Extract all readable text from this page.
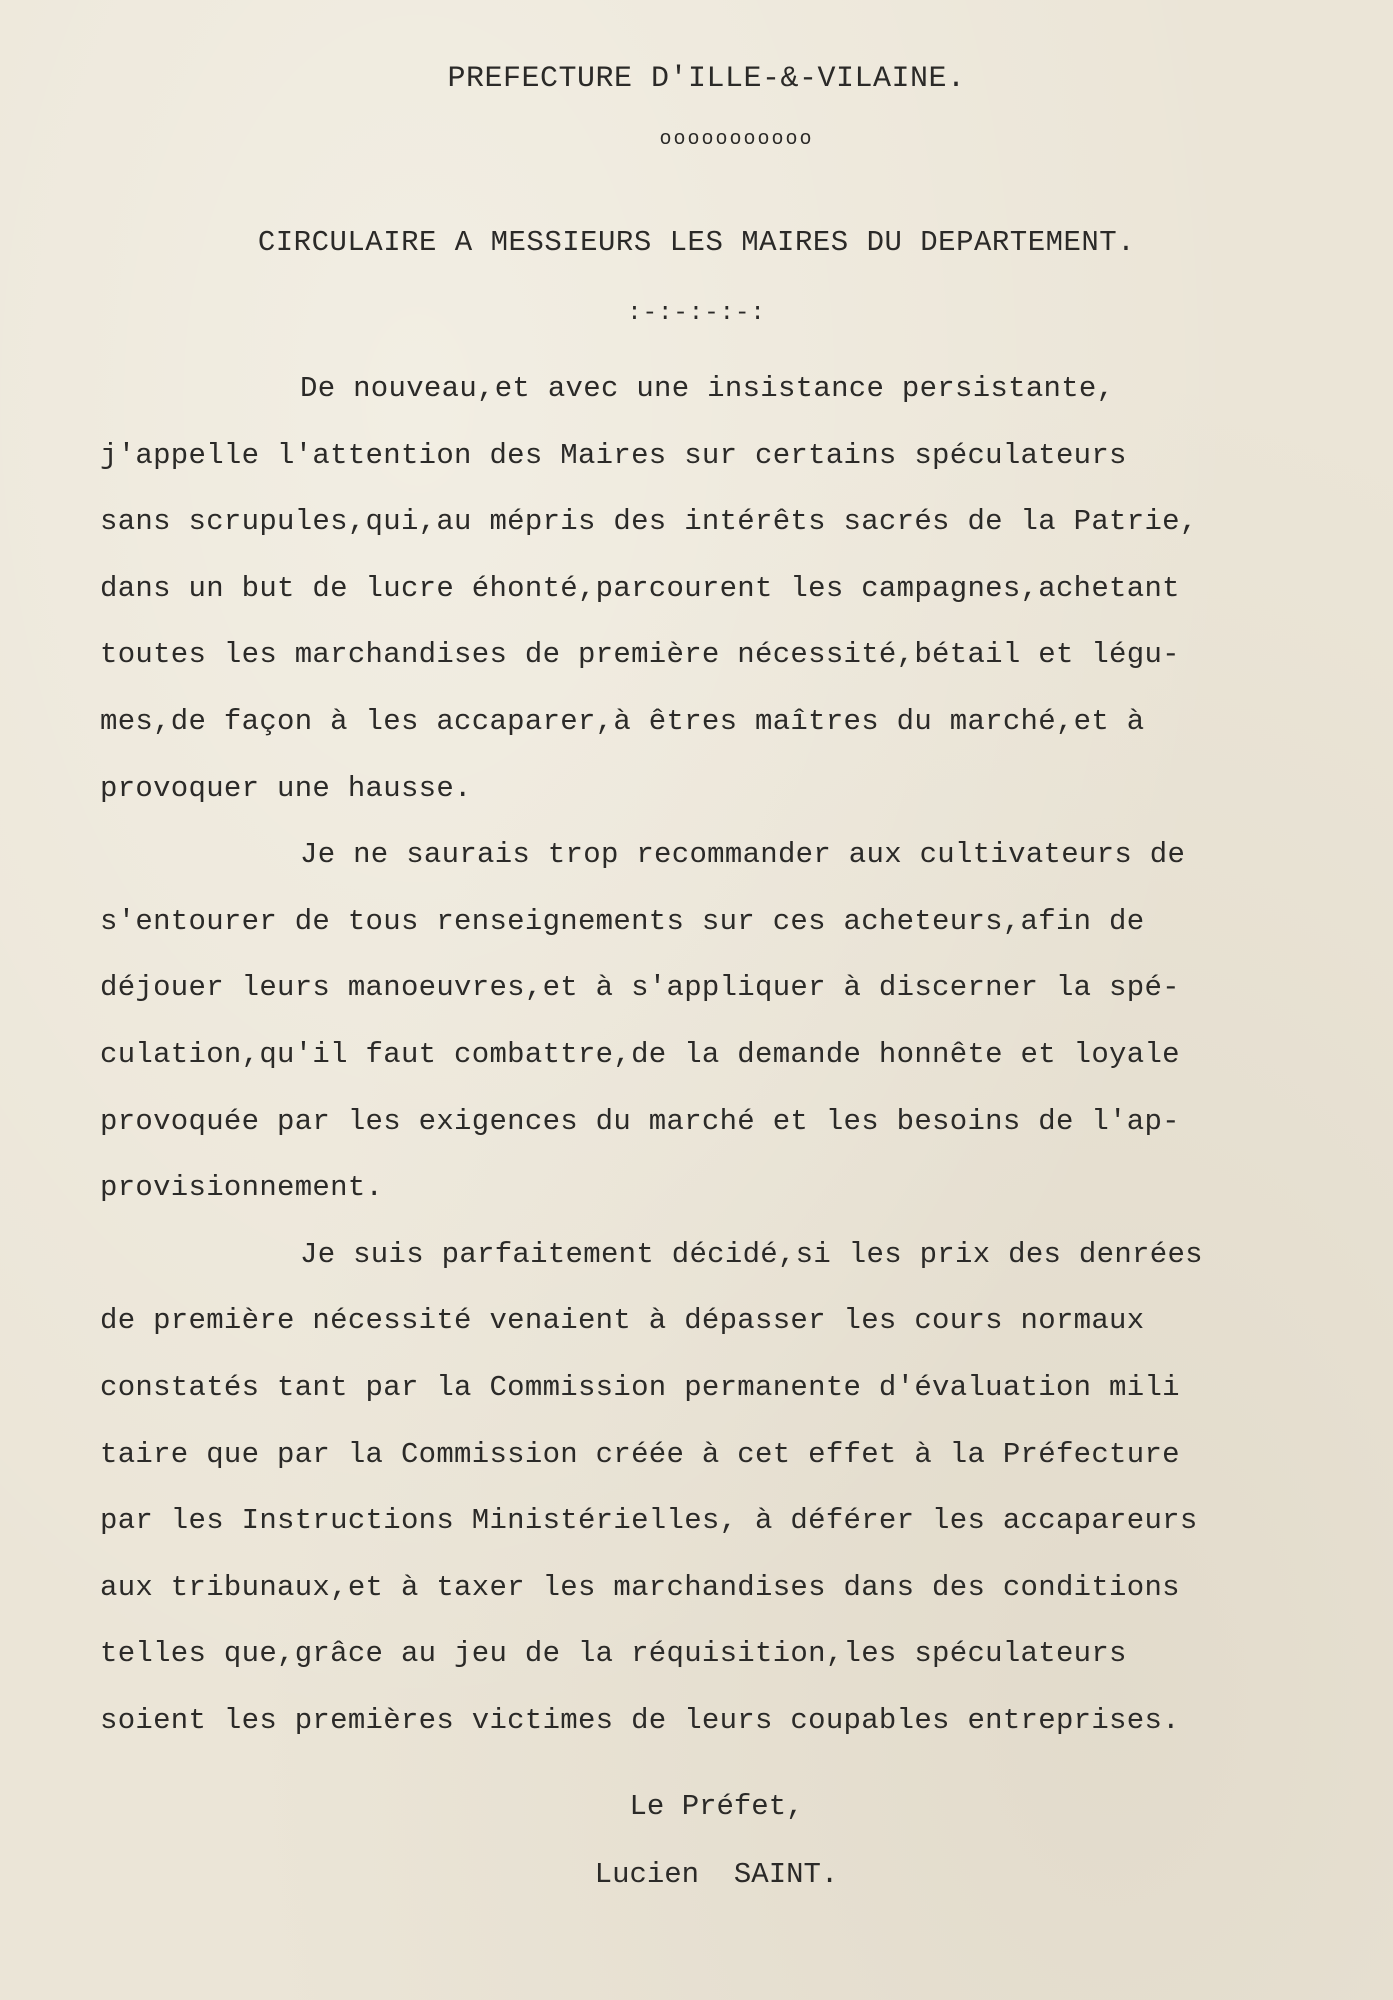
PREFECTURE D'ILLE-&-VILAINE.
ooooooooooo
CIRCULAIRE A MESSIEURS LES MAIRES DU DEPARTEMENT.
:-:-:-:-:
De nouveau,et avec une insistance persistante,
j'appelle l'attention des Maires sur certains spéculateurs
sans scrupules,qui,au mépris des intérêts sacrés de la Patrie,
dans un but de lucre éhonté,parcourent les campagnes,achetant
toutes les marchandises de première nécessité,bétail et légu-
mes,de façon à les accaparer,à êtres maîtres du marché,et à
provoquer une hausse.
Je ne saurais trop recommander aux cultivateurs de
s'entourer de tous renseignements sur ces acheteurs,afin de
déjouer leurs manoeuvres,et à s'appliquer à discerner la spé-
culation,qu'il faut combattre,de la demande honnête et loyale
provoquée par les exigences du marché et les besoins de l'ap-
provisionnement.
Je suis parfaitement décidé,si les prix des denrées
de première nécessité venaient à dépasser les cours normaux
constatés tant par la Commission permanente d'évaluation mili
taire que par la Commission créée à cet effet à la Préfecture
par les Instructions Ministérielles, à déférer les accapareurs
aux tribunaux,et à taxer les marchandises dans des conditions
telles que,grâce au jeu de la réquisition,les spéculateurs
soient les premières victimes de leurs coupables entreprises.
Le Préfet,
Lucien  SAINT.
